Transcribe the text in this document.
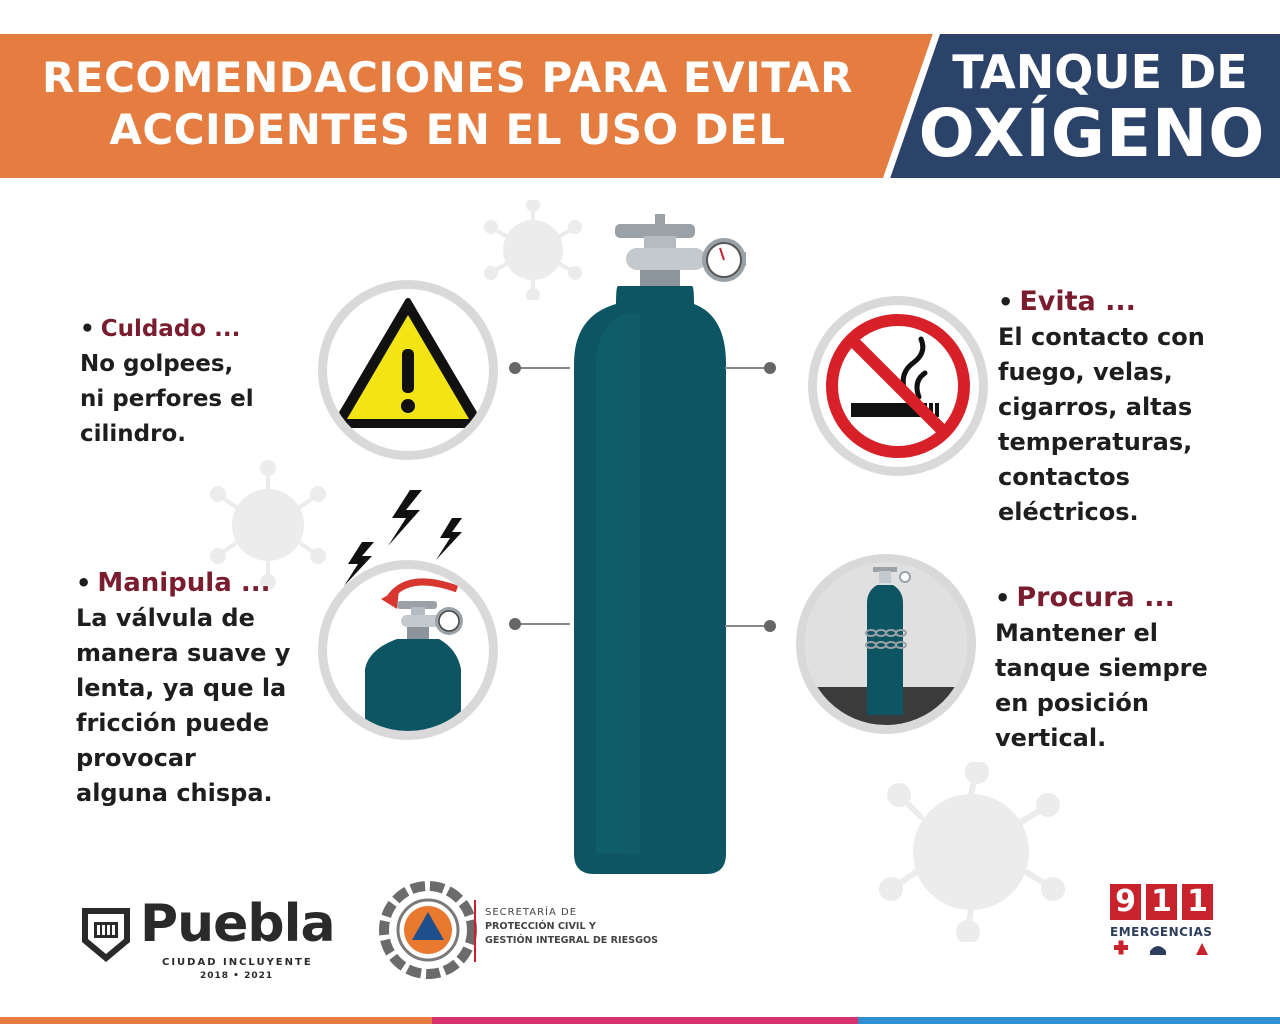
RECOMENDACIONES PARA EVITAR
ACCIDENTES EN EL USO DEL
TANQUE DE
OXÍGENO
• Culdado ...
No golpees,
ni perfores el
cilindro.
• Manipula ...
La válvula de
manera suave y
lenta, ya que la
fricción puede
provocar
alguna chispa.
• Evita ...
El contacto con
fuego, velas,
cigarros, altas
temperaturas,
contactos
eléctricos.
• Procura ...
Mantener el
tanque siempre
en posición
vertical.
Puebla
CIUDAD INCLUYENTE
2018 • 2021
SECRETARÍA DE
PROTECCIÓN CIVIL Y
GESTIÓN INTEGRAL DE RIESGOS
9 1 1
EMERGENCIAS
